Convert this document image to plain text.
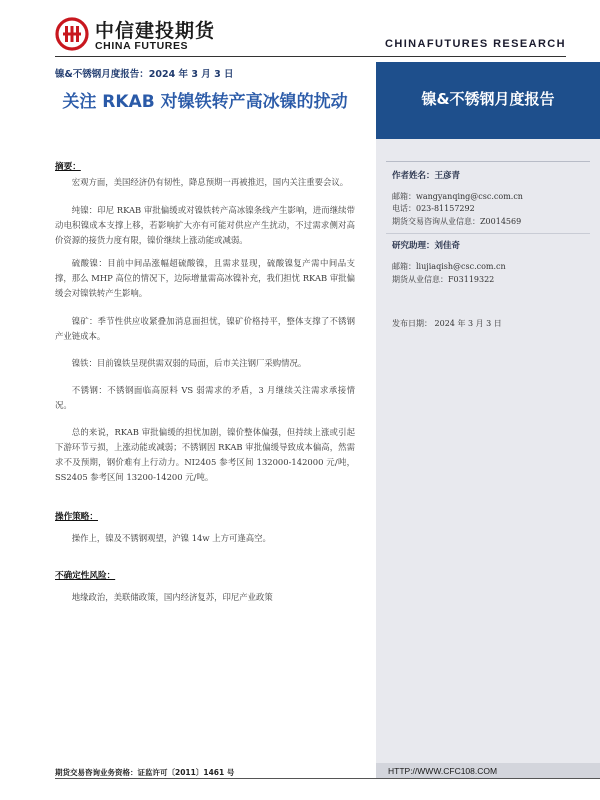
中信建投期货
CHINA FUTURES	CHINAFUTURES RESEARCH
镍&不锈钢月度报告：2024 年 3 月 3 日
关注 RKAB 对镍铁转产高冰镍的扰动	镍&不锈钢月度报告
作者姓名：王彦青
邮箱：wangyanqing@csc.com.cn
电话：023-81157292
期货交易咨询从业信息：Z0014569
研究助理：刘佳奇
邮箱：liujiaqish@csc.com.cn
期货从业信息：F03119322
发布日期： 2024 年 3 月 3 日
摘要：

宏观方面，美国经济仍有韧性，降息预期一再被推迟，国内关注重要会议。

纯镍：印尼 RKAB 审批偏缓或对镍铁转产高冰镍条线产生影响，进而继续带动电积镍成本支撑上移，若影响扩大亦有可能对供应产生扰动，不过需求侧对高价资源的接货力度有限，镍价继续上涨动能或减弱。

硫酸镍：目前中间品涨幅超硫酸镍，且需求显现，硫酸镍复产需中间品支撑，那么 MHP 高位的情况下，边际增量需高冰镍补充，我们担忧 RKAB 审批偏缓会对镍铁转产生影响。

镍矿：季节性供应收紧叠加消息面担忧，镍矿价格持平，整体支撑了不锈钢产业链成本。

镍铁：目前镍铁呈现供需双弱的局面，后市关注钢厂采购情况。

不锈钢：不锈钢面临高原料 VS 弱需求的矛盾，3 月继续关注需求承接情况。

总的来说，RKAB 审批偏缓的担忧加剧，镍价整体偏强，但持续上涨或引起下游环节亏损，上涨动能或减弱；不锈钢因 RKAB 审批偏缓导致成本偏高，然需求不及预期，钢价难有上行动力。NI2405 参考区间 132000-142000 元/吨，SS2405 参考区间 13200-14200 元/吨。

操作策略：

操作上，镍及不锈钢观望，沪镍 14w 上方可逢高空。

不确定性风险：

地缘政治，美联储政策，国内经济复苏，印尼产业政策

期货交易咨询业务资格：证监许可〔2011〕1461 号	HTTP://WWW.CFC108.COM
